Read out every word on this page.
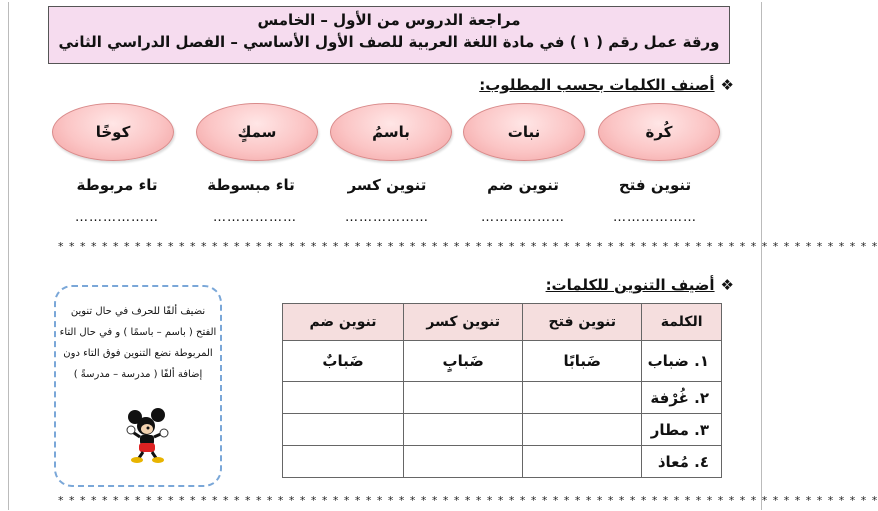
مراجعة الدروس من الأول – الخامس
ورقة عمل رقم ( ١ ) في مادة اللغة العربية للصف الأول الأساسي – الفصل الدراسي الثاني
❖أصنف الكلمات بحسب المطلوب:
كُرة
نبات
باسمُ
سمكٍ
كوخًا
تنوين فتح
تنوين ضم
تنوين كسر
تاء مبسوطة
تاء مربوطة
………………
………………
………………
………………
………………
* * * * * * * * * * * * * * * * * * * * * * * * * * * * * * * * * * * * * * * * * * * * * * * * * * * * * * * * * * * * * * * * * * * * * * * * * * *
❖أضيف التنوين للكلمات:
نضيف ألفًا للحرف في حال تنوين
الفتح ( باسم – باسمًا ) و في حال التاء
المربوطة نضع التنوين فوق التاء دون
إضافة ألفًا ( مدرسة – مدرسةً )
الكلمة	تنوين فتح	تنوين كسر	تنوين ضم
١. ضباب	ضَبابًا	ضَبابٍ	ضَبابٌ
٢. غُرْفة			
٣. مطار			
٤. مُعاذ			
* * * * * * * * * * * * * * * * * * * * * * * * * * * * * * * * * * * * * * * * * * * * * * * * * * * * * * * * * * * * * * * * * * * * * * * * * * *
